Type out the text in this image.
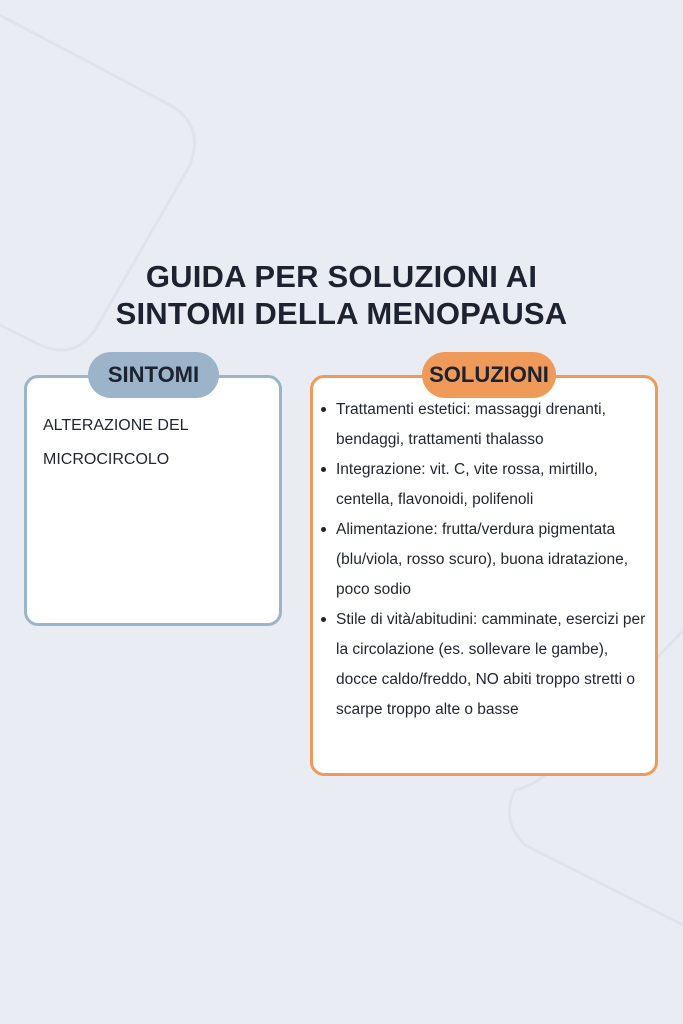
GUIDA PER SOLUZIONI AI
SINTOMI DELLA MENOPAUSA
SINTOMI
ALTERAZIONE DEL MICROCIRCOLO
SOLUZIONI
Trattamenti estetici: massaggi drenanti, bendaggi, trattamenti thalasso
Integrazione: vit. C, vite rossa, mirtillo, centella, flavonoidi, polifenoli
Alimentazione: frutta/verdura pigmentata (blu/viola, rosso scuro), buona idratazione, poco sodio
Stile di vità/abitudini: camminate, esercizi per la circolazione (es. sollevare le gambe), docce caldo/freddo, NO abiti troppo stretti o scarpe troppo alte o basse
